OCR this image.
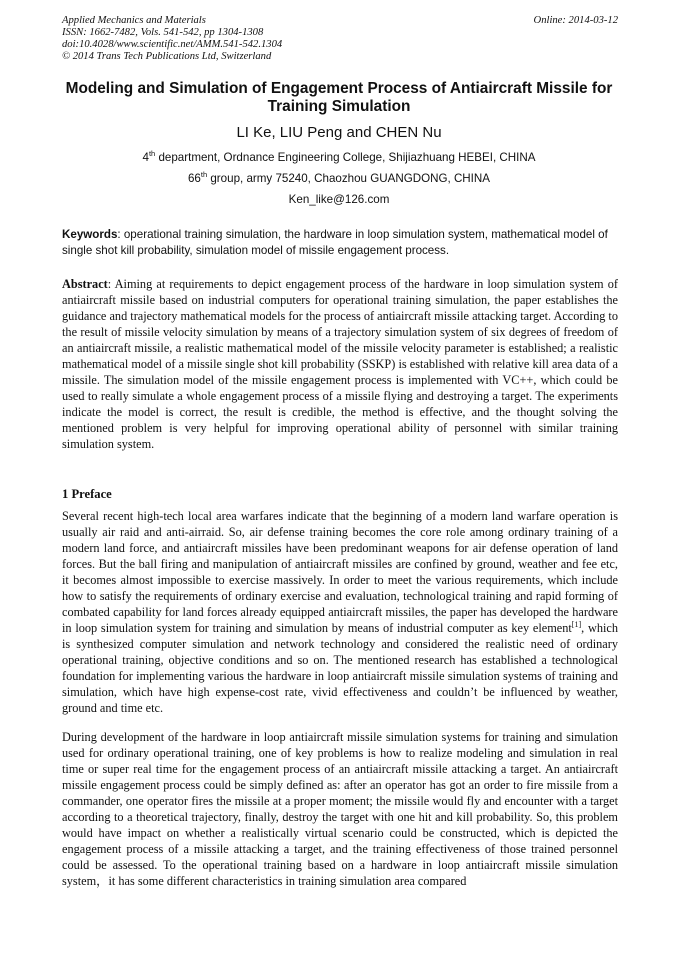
Applied Mechanics and Materials
ISSN: 1662-7482, Vols. 541-542, pp 1304-1308
doi:10.4028/www.scientific.net/AMM.541-542.1304
© 2014 Trans Tech Publications Ltd, Switzerland
Online: 2014-03-12
Modeling and Simulation of Engagement Process of Antiaircraft Missile for Training Simulation
LI Ke, LIU Peng and CHEN Nu
4th department, Ordnance Engineering College, Shijiazhuang HEBEI, CHINA
66th group, army 75240, Chaozhou GUANGDONG, CHINA
Ken_like@126.com
Keywords: operational training simulation, the hardware in loop simulation system, mathematical model of single shot kill probability, simulation model of missile engagement process.
Abstract: Aiming at requirements to depict engagement process of the hardware in loop simulation system of antiaircraft missile based on industrial computers for operational training simulation, the paper establishes the guidance and trajectory mathematical models for the process of antiaircraft missile attacking target. According to the result of missile velocity simulation by means of a trajectory simulation system of six degrees of freedom of an antiaircraft missile, a realistic mathematical model of the missile velocity parameter is established; a realistic mathematical model of a missile single shot kill probability (SSKP) is established with relative kill area data of a missile. The simulation model of the missile engagement process is implemented with VC++, which could be used to really simulate a whole engagement process of a missile flying and destroying a target. The experiments indicate the model is correct, the result is credible, the method is effective, and the thought solving the mentioned problem is very helpful for improving operational ability of personnel with similar training simulation system.
1 Preface
Several recent high-tech local area warfares indicate that the beginning of a modern land warfare operation is usually air raid and anti-airraid. So, air defense training becomes the core role among ordinary training of a modern land force, and antiaircraft missiles have been predominant weapons for air defense operation of land forces. But the ball firing and manipulation of antiaircraft missiles are confined by ground, weather and fee etc, it becomes almost impossible to exercise massively. In order to meet the various requirements, which include how to satisfy the requirements of ordinary exercise and evaluation, technological training and rapid forming of combated capability for land forces already equipped antiaircraft missiles, the paper has developed the hardware in loop simulation system for training and simulation by means of industrial computer as key element[1], which is synthesized computer simulation and network technology and considered the realistic need of ordinary operational training, objective conditions and so on. The mentioned research has established a technological foundation for implementing various the hardware in loop antiaircraft missile simulation systems of training and simulation, which have high expense-cost rate, vivid effectiveness and couldn’t be influenced by weather, ground and time etc.
During development of the hardware in loop antiaircraft missile simulation systems for training and simulation used for ordinary operational training, one of key problems is how to realize modeling and simulation in real time or super real time for the engagement process of an antiaircraft missile attacking a target. An antiaircraft missile engagement process could be simply defined as: after an operator has got an order to fire missile from a commander, one operator fires the missile at a proper moment; the missile would fly and encounter with a target according to a theoretical trajectory, finally, destroy the target with one hit and kill probability. So, this problem would have impact on whether a realistically virtual scenario could be constructed, which is depicted the engagement process of a missile attacking a target, and the training effectiveness of those trained personnel could be assessed. To the operational training based on a hardware in loop antiaircraft missile simulation system，it has some different characteristics in training simulation area compared
